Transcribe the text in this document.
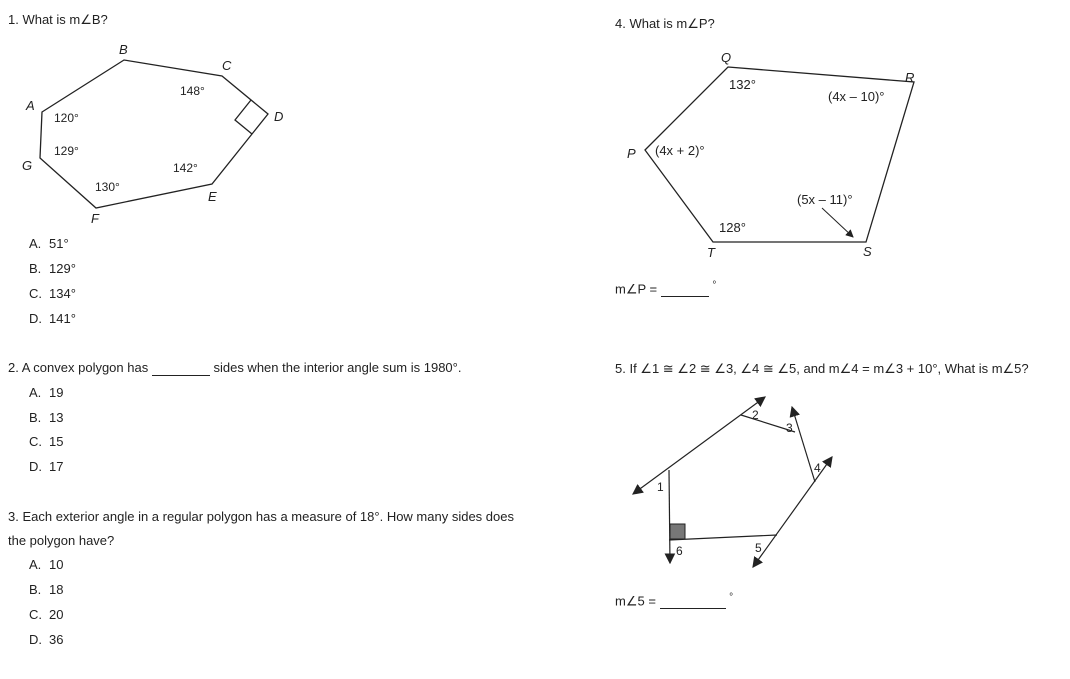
1. What is m∠B?
A
B
C
D
E
F
G
120°
129°
130°
142°
148°
A. 51°
B. 129°
C. 134°
D. 141°
2. A convex polygon has	sides when the interior angle sum is 1980°.
A. 19
B. 13
C. 15
D. 17
3. Each exterior angle in a regular polygon has a measure of 18°. How many sides does
the polygon have?
A. 10
B. 18
C. 20
D. 36
4. What is m∠P?
Q
R
P
T	S
132°
(4x – 10)°
(4x + 2)°
(5x – 11)°
128°
m∠P =	°
5. If ∠1 ≅ ∠2 ≅ ∠3, ∠4 ≅ ∠5, and m∠4 = m∠3 + 10°, What is m∠5?
1
2
3
4
5
6
m∠5 =	°
